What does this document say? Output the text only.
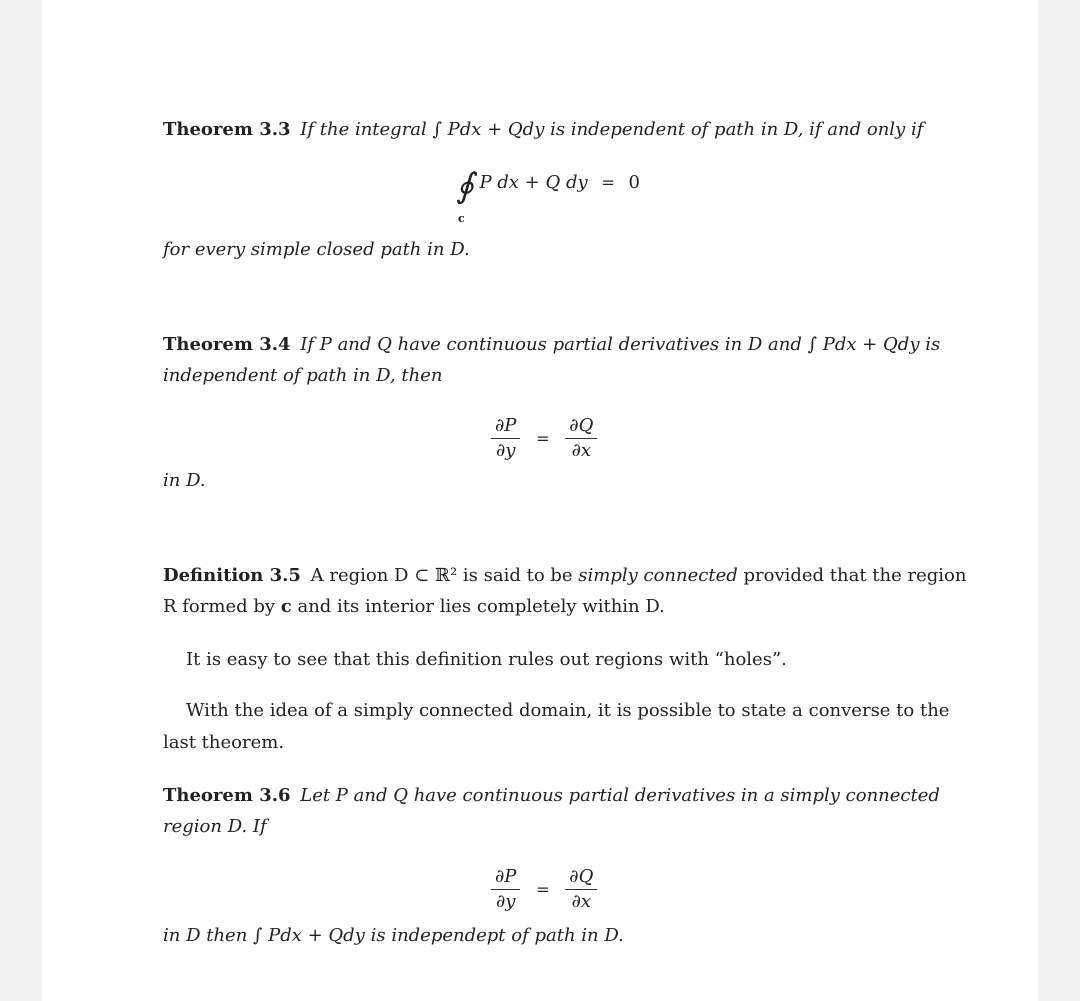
Theorem 3.3 If the integral ∫ Pdx + Qdy is independent of path in D, if and only if
∮
c
P dx + Q dy = 0
for every simple closed path in D.
Theorem 3.4 If P and Q have continuous partial derivatives in D and ∫ Pdx + Qdy is
independent of path in D, then
$\frac{\partial P}{\partial y} = \frac{\partial Q}{\partial x}$
in D.
Definition 3.5 A region D ⊂ ℝ² is said to be simply connected provided that the region
R formed by c and its interior lies completely within D.
It is easy to see that this definition rules out regions with “holes”.
With the idea of a simply connected domain, it is possible to state a converse to the
last theorem.
Theorem 3.6 Let P and Q have continuous partial derivatives in a simply connected
region D. If
$\frac{\partial P}{\partial y} = \frac{\partial Q}{\partial x}$
in D then ∫ Pdx + Qdy is independept of path in D.
